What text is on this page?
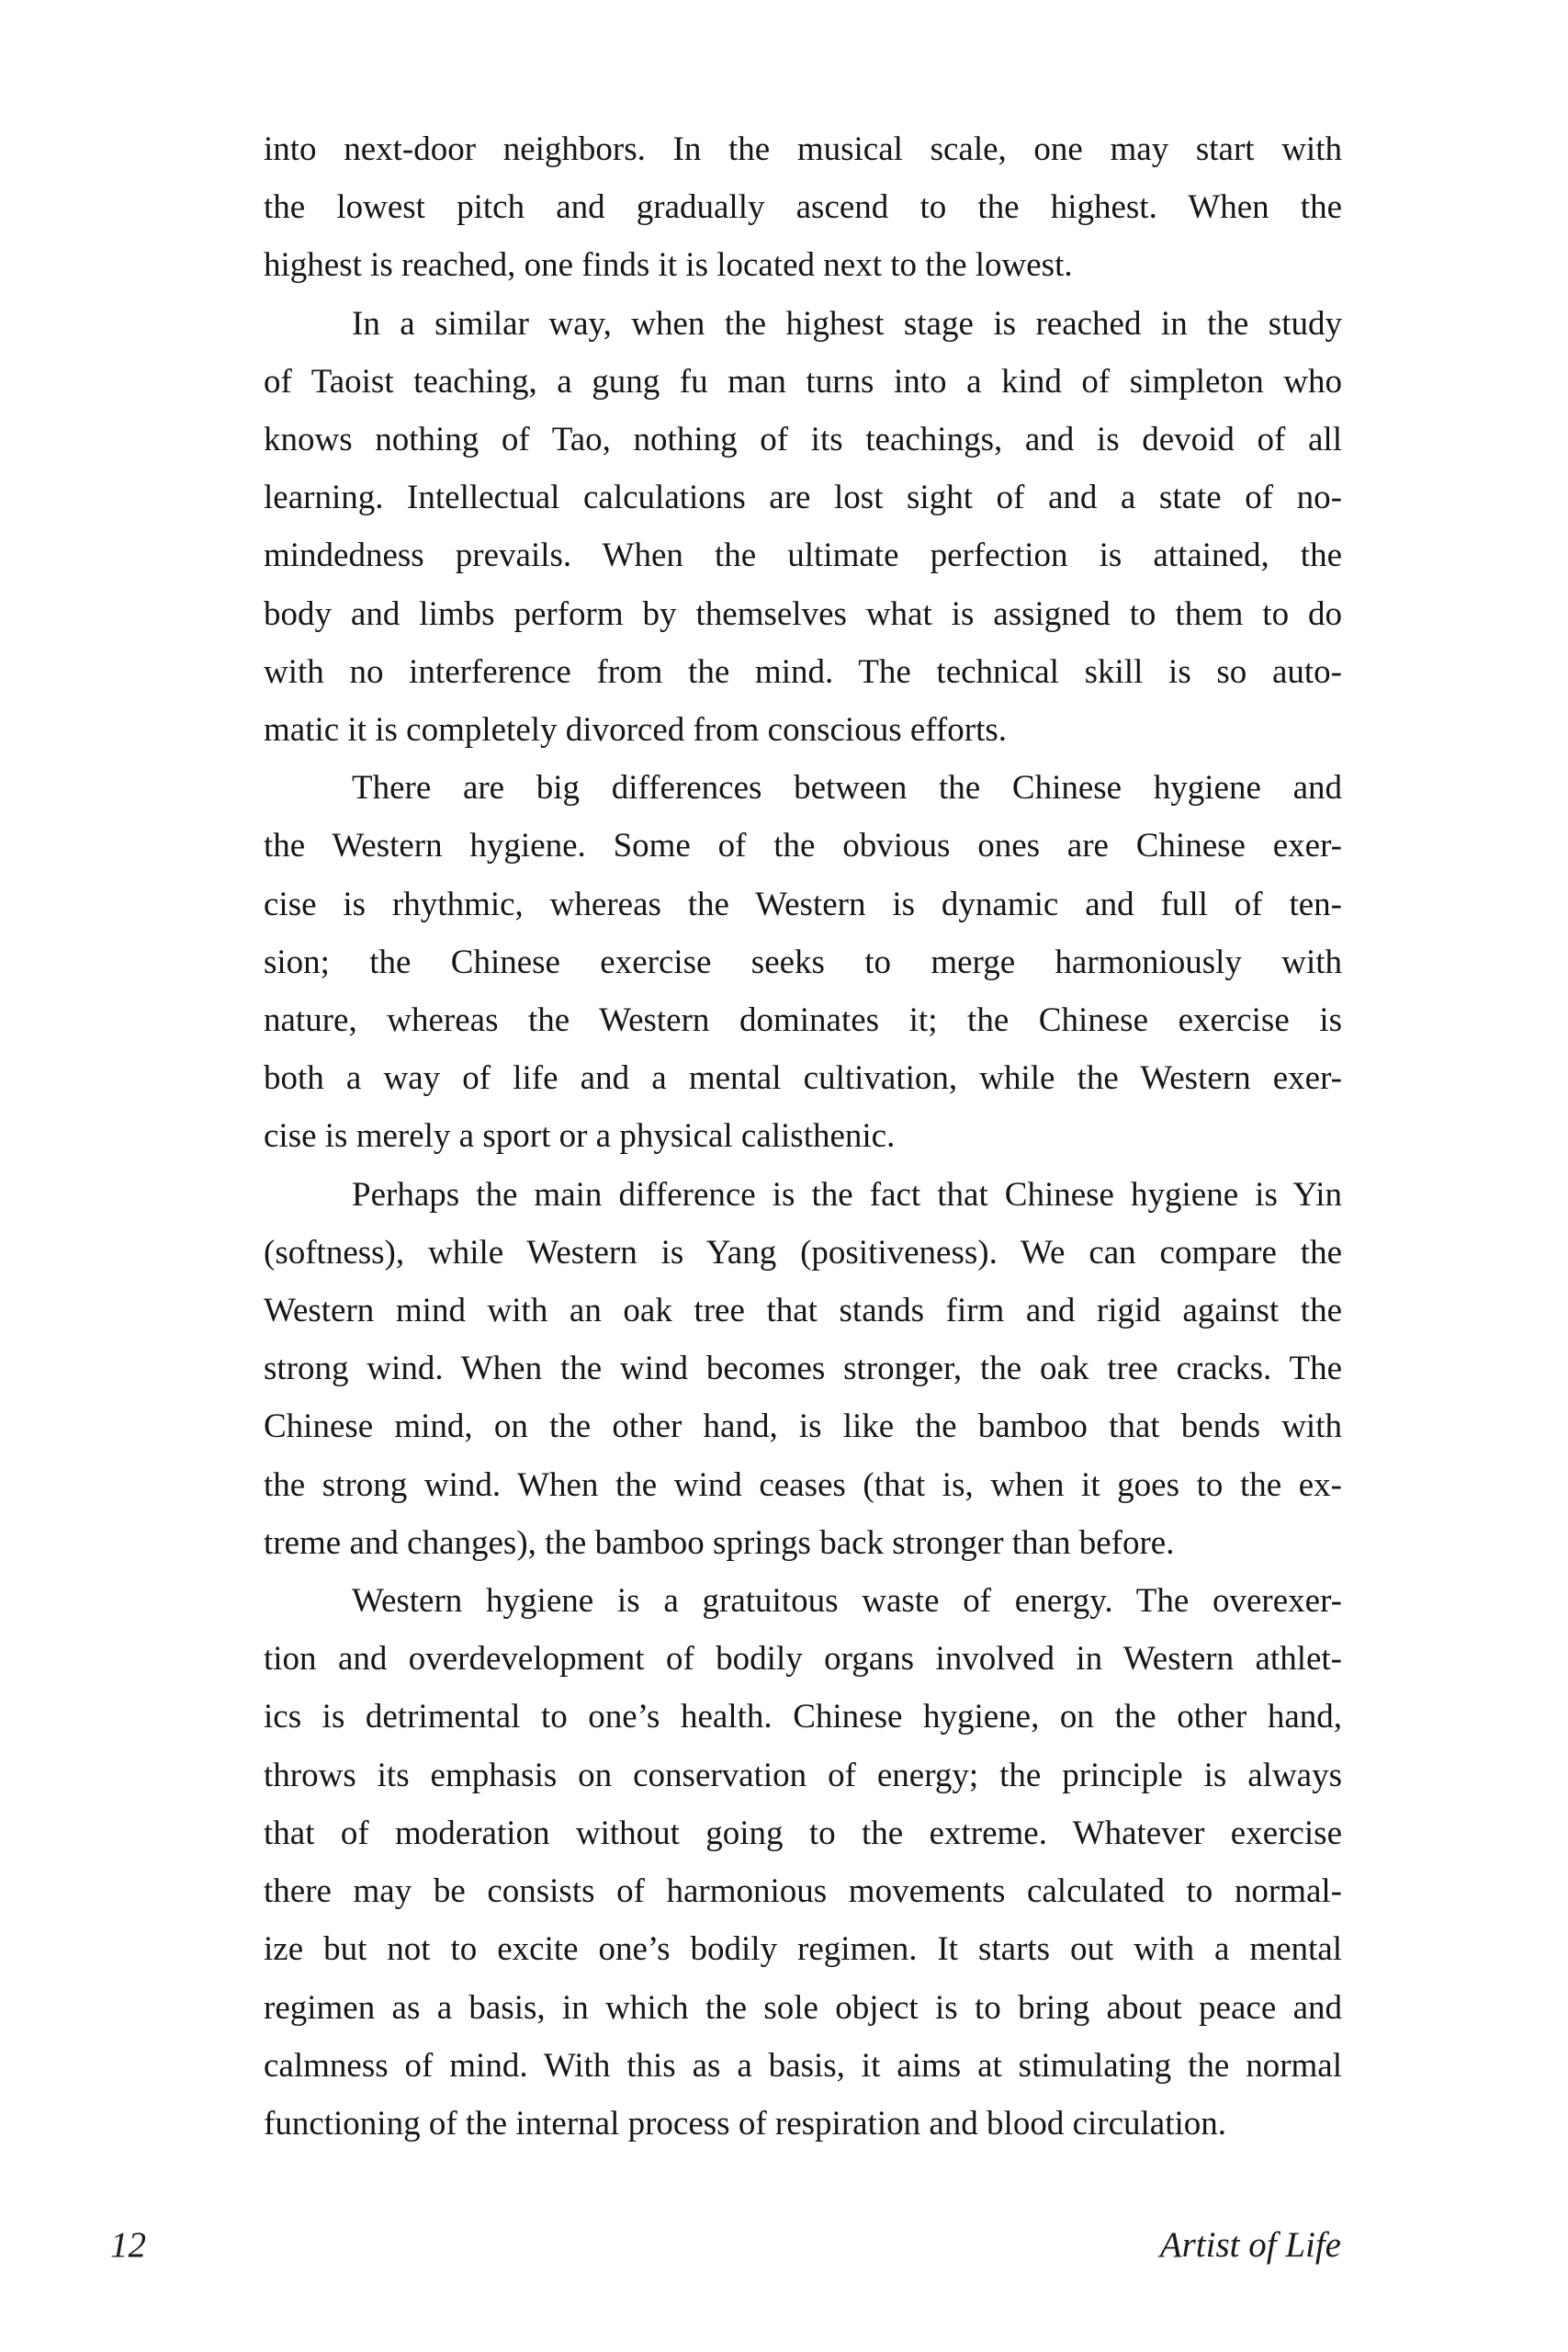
into next-door neighbors. In the musical scale, one may start with
the lowest pitch and gradually ascend to the highest. When the
highest is reached, one finds it is located next to the lowest.
In a similar way, when the highest stage is reached in the study
of Taoist teaching, a gung fu man turns into a kind of simpleton who
knows nothing of Tao, nothing of its teachings, and is devoid of all
learning. Intellectual calculations are lost sight of and a state of no-
mindedness prevails. When the ultimate perfection is attained, the
body and limbs perform by themselves what is assigned to them to do
with no interference from the mind. The technical skill is so auto-
matic it is completely divorced from conscious efforts.
There are big differences between the Chinese hygiene and
the Western hygiene. Some of the obvious ones are Chinese exer-
cise is rhythmic, whereas the Western is dynamic and full of ten-
sion; the Chinese exercise seeks to merge harmoniously with
nature, whereas the Western dominates it; the Chinese exercise is
both a way of life and a mental cultivation, while the Western exer-
cise is merely a sport or a physical calisthenic.
Perhaps the main difference is the fact that Chinese hygiene is Yin
(softness), while Western is Yang (positiveness). We can compare the
Western mind with an oak tree that stands firm and rigid against the
strong wind. When the wind becomes stronger, the oak tree cracks. The
Chinese mind, on the other hand, is like the bamboo that bends with
the strong wind. When the wind ceases (that is, when it goes to the ex-
treme and changes), the bamboo springs back stronger than before.
Western hygiene is a gratuitous waste of energy. The overexer-
tion and overdevelopment of bodily organs involved in Western athlet-
ics is detrimental to one’s health. Chinese hygiene, on the other hand,
throws its emphasis on conservation of energy; the principle is always
that of moderation without going to the extreme. Whatever exercise
there may be consists of harmonious movements calculated to normal-
ize but not to excite one’s bodily regimen. It starts out with a mental
regimen as a basis, in which the sole object is to bring about peace and
calmness of mind. With this as a basis, it aims at stimulating the normal
functioning of the internal process of respiration and blood circulation.
12	Artist of Life
